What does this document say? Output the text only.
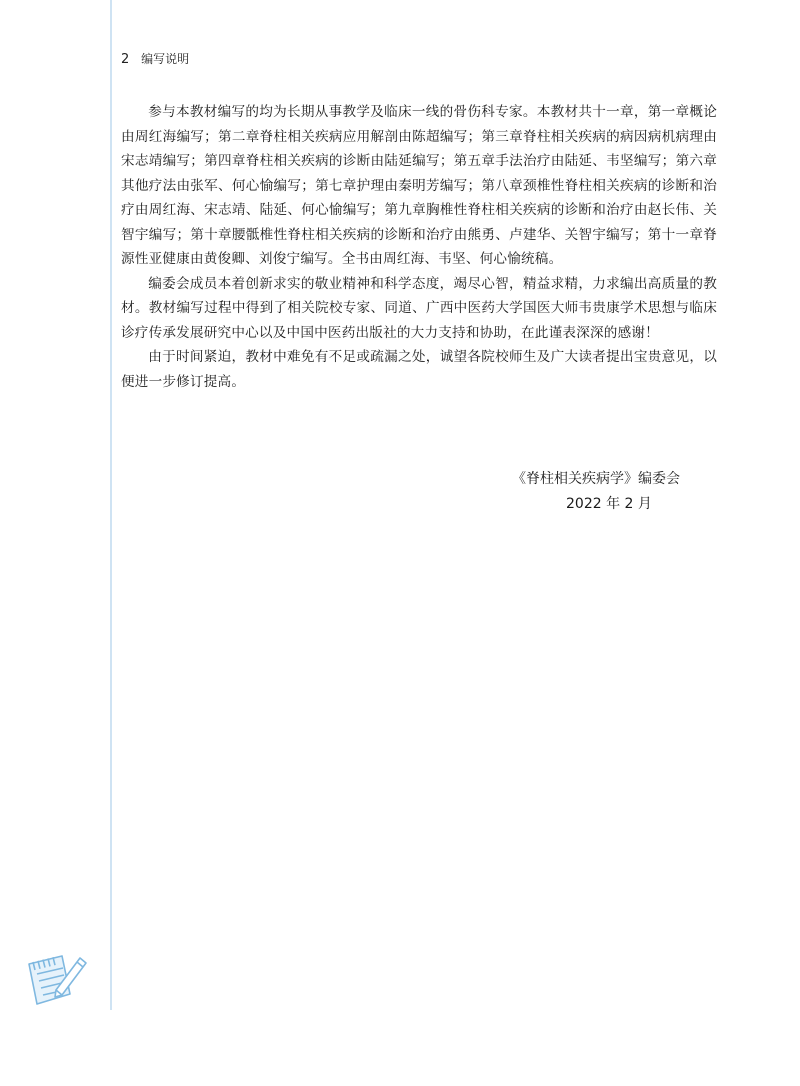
2 编写说明

参与本教材编写的均为长期从事教学及临床一线的骨伤科专家。本教材共十一章，第一章概论由周红海编写；第二章脊柱相关疾病应用解剖由陈超编写；第三章脊柱相关疾病的病因病机病理由宋志靖编写；第四章脊柱相关疾病的诊断由陆延编写；第五章手法治疗由陆延、韦坚编写；第六章其他疗法由张军、何心愉编写；第七章护理由秦明芳编写；第八章颈椎性脊柱相关疾病的诊断和治疗由周红海、宋志靖、陆延、何心愉编写；第九章胸椎性脊柱相关疾病的诊断和治疗由赵长伟、关智宇编写；第十章腰骶椎性脊柱相关疾病的诊断和治疗由熊勇、卢建华、关智宇编写；第十一章脊源性亚健康由黄俊卿、刘俊宁编写。全书由周红海、韦坚、何心愉统稿。

编委会成员本着创新求实的敬业精神和科学态度，竭尽心智，精益求精，力求编出高质量的教材。教材编写过程中得到了相关院校专家、同道、广西中医药大学国医大师韦贵康学术思想与临床诊疗传承发展研究中心以及中国中医药出版社的大力支持和协助，在此谨表深深的感谢！

由于时间紧迫，教材中难免有不足或疏漏之处，诚望各院校师生及广大读者提出宝贵意见，以便进一步修订提高。

《脊柱相关疾病学》编委会
2022 年 2 月
